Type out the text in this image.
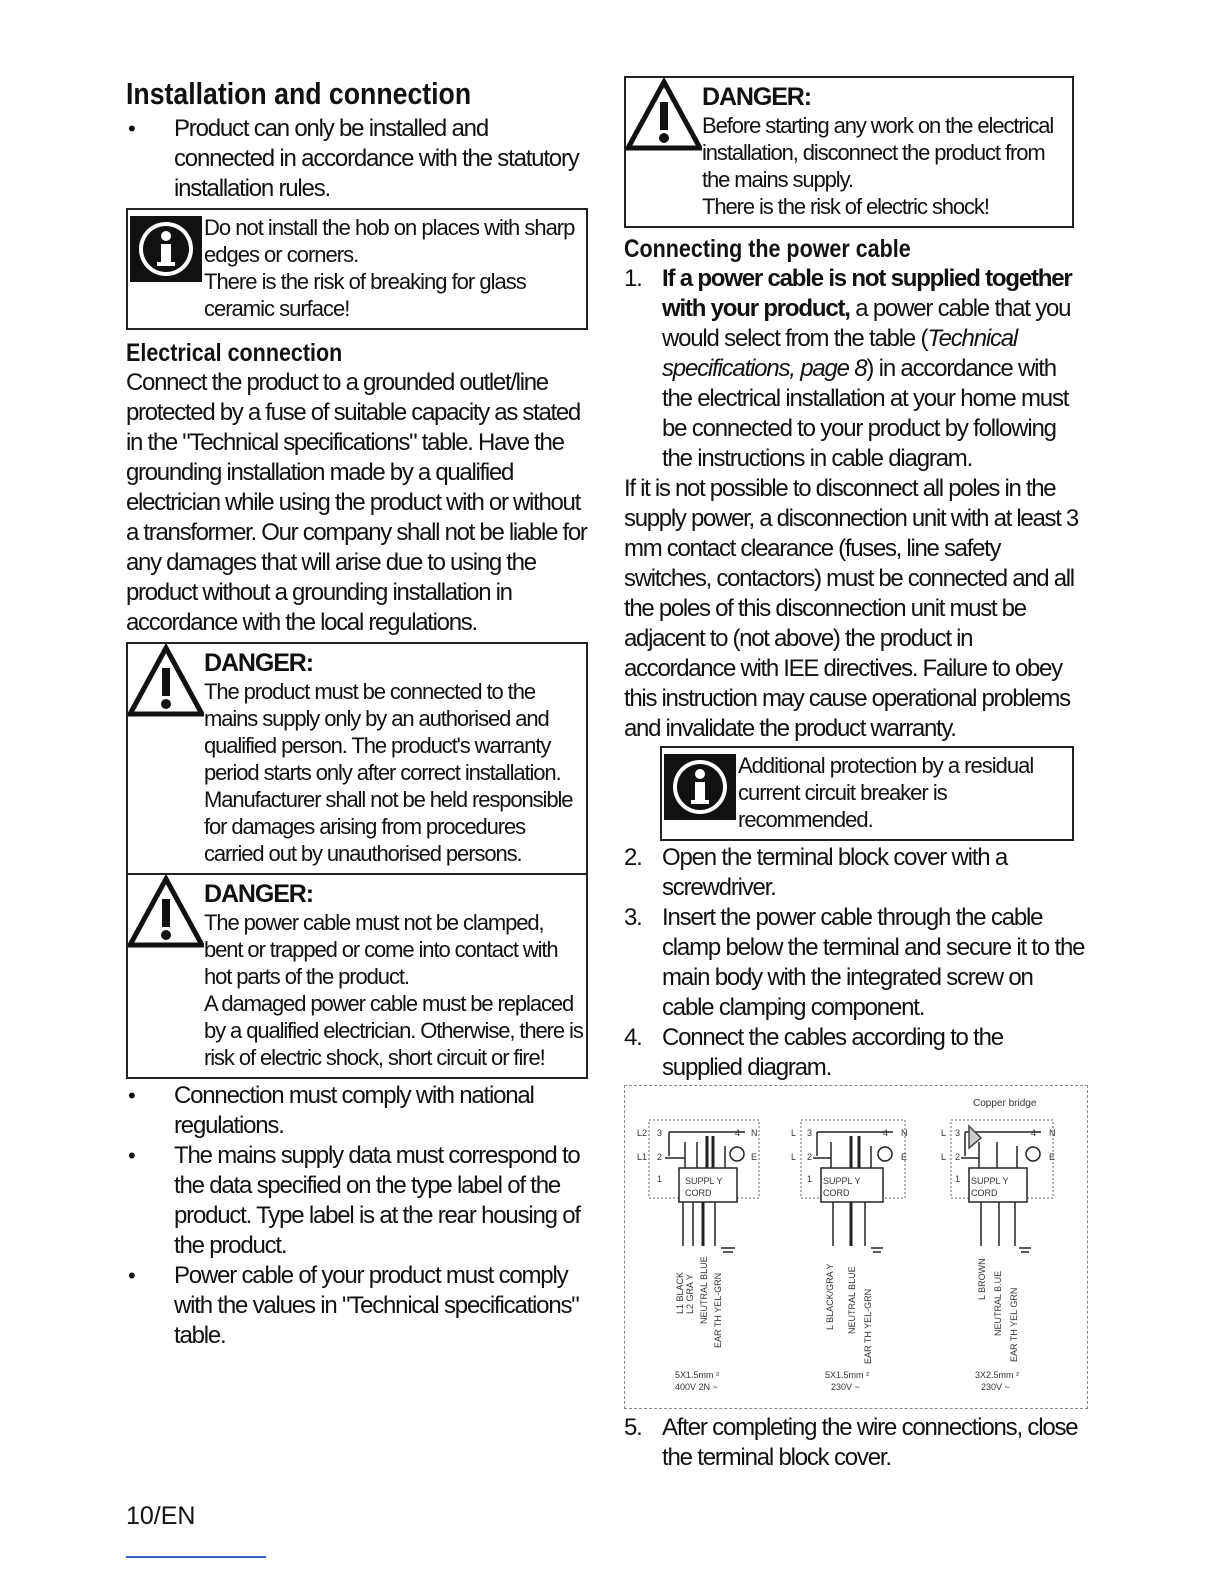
Installation and connection
• Product can only be installed and connected in accordance with the statutory installation rules.
Do not install the hob on places with sharp edges or corners.
There is the risk of breaking for glass ceramic surface!
Electrical connection

Connect the product to a grounded outlet/line protected by a fuse of suitable capacity as stated in the "Technical specifications" table. Have the grounding installation made by a qualified electrician while using the product with or without a transformer. Our company shall not be liable for any damages that will arise due to using the product without a grounding installation in accordance with the local regulations.

DANGER:
The product must be connected to the mains supply only by an authorised and qualified person. The product's warranty period starts only after correct installation. Manufacturer shall not be held responsible for damages arising from procedures carried out by unauthorised persons.
DANGER:
The power cable must not be clamped, bent or trapped or come into contact with hot parts of the product.
A damaged power cable must be replaced by a qualified electrician. Otherwise, there is risk of electric shock, short circuit or fire!
• Connection must comply with national regulations.
• The mains supply data must correspond to the data specified on the type label of the product. Type label is at the rear housing of the product.
• Power cable of your product must comply with the values in "Technical specifications" table.
DANGER:
Before starting any work on the electrical installation, disconnect the product from the mains supply.
There is the risk of electric shock!
Connecting the power cable
1. If a power cable is not supplied together with your product, a power cable that you would select from the table (Technical specifications, page 8) in accordance with the electrical installation at your home must be connected to your product by following the instructions in cable diagram.

If it is not possible to disconnect all poles in the supply power, a disconnection unit with at least 3 mm contact clearance (fuses, line safety switches, contactors) must be connected and all the poles of this disconnection unit must be adjacent to (not above) the product in accordance with IEE directives. Failure to obey this instruction may cause operational problems and invalidate the product warranty.

Additional protection by a residual current circuit breaker is recommended.
2. Open the terminal block cover with a screwdriver.
3. Insert the power cable through the cable clamp below the terminal and secure it to the main body with the integrated screw on cable clamping component.
4. Connect the cables according to the supplied diagram.
Copper bridge
L2
L1
3
2
1
4 N
E
SUPPL Y
CORD
L1 BLACK L2 GRA Y NEUTRAL BLUE EAR TH YEL-GRN
5X1.5mm ²
400V 2N ~
L
L
3
2
1
4 N
E
SUPPL Y
CORD
L BLACK/GRA Y NEUTRAL BLUE EAR TH YEL-GRN
5X1.5mm ²
230V ~
L
L
3
2
1
4 N
E
SUPPL Y
CORD
L BROWN NEUTRAL B.UE EAR TH YEL GRN
3X2.5mm ²
230V ~
5. After completing the wire connections, close the terminal block cover.
10/EN
